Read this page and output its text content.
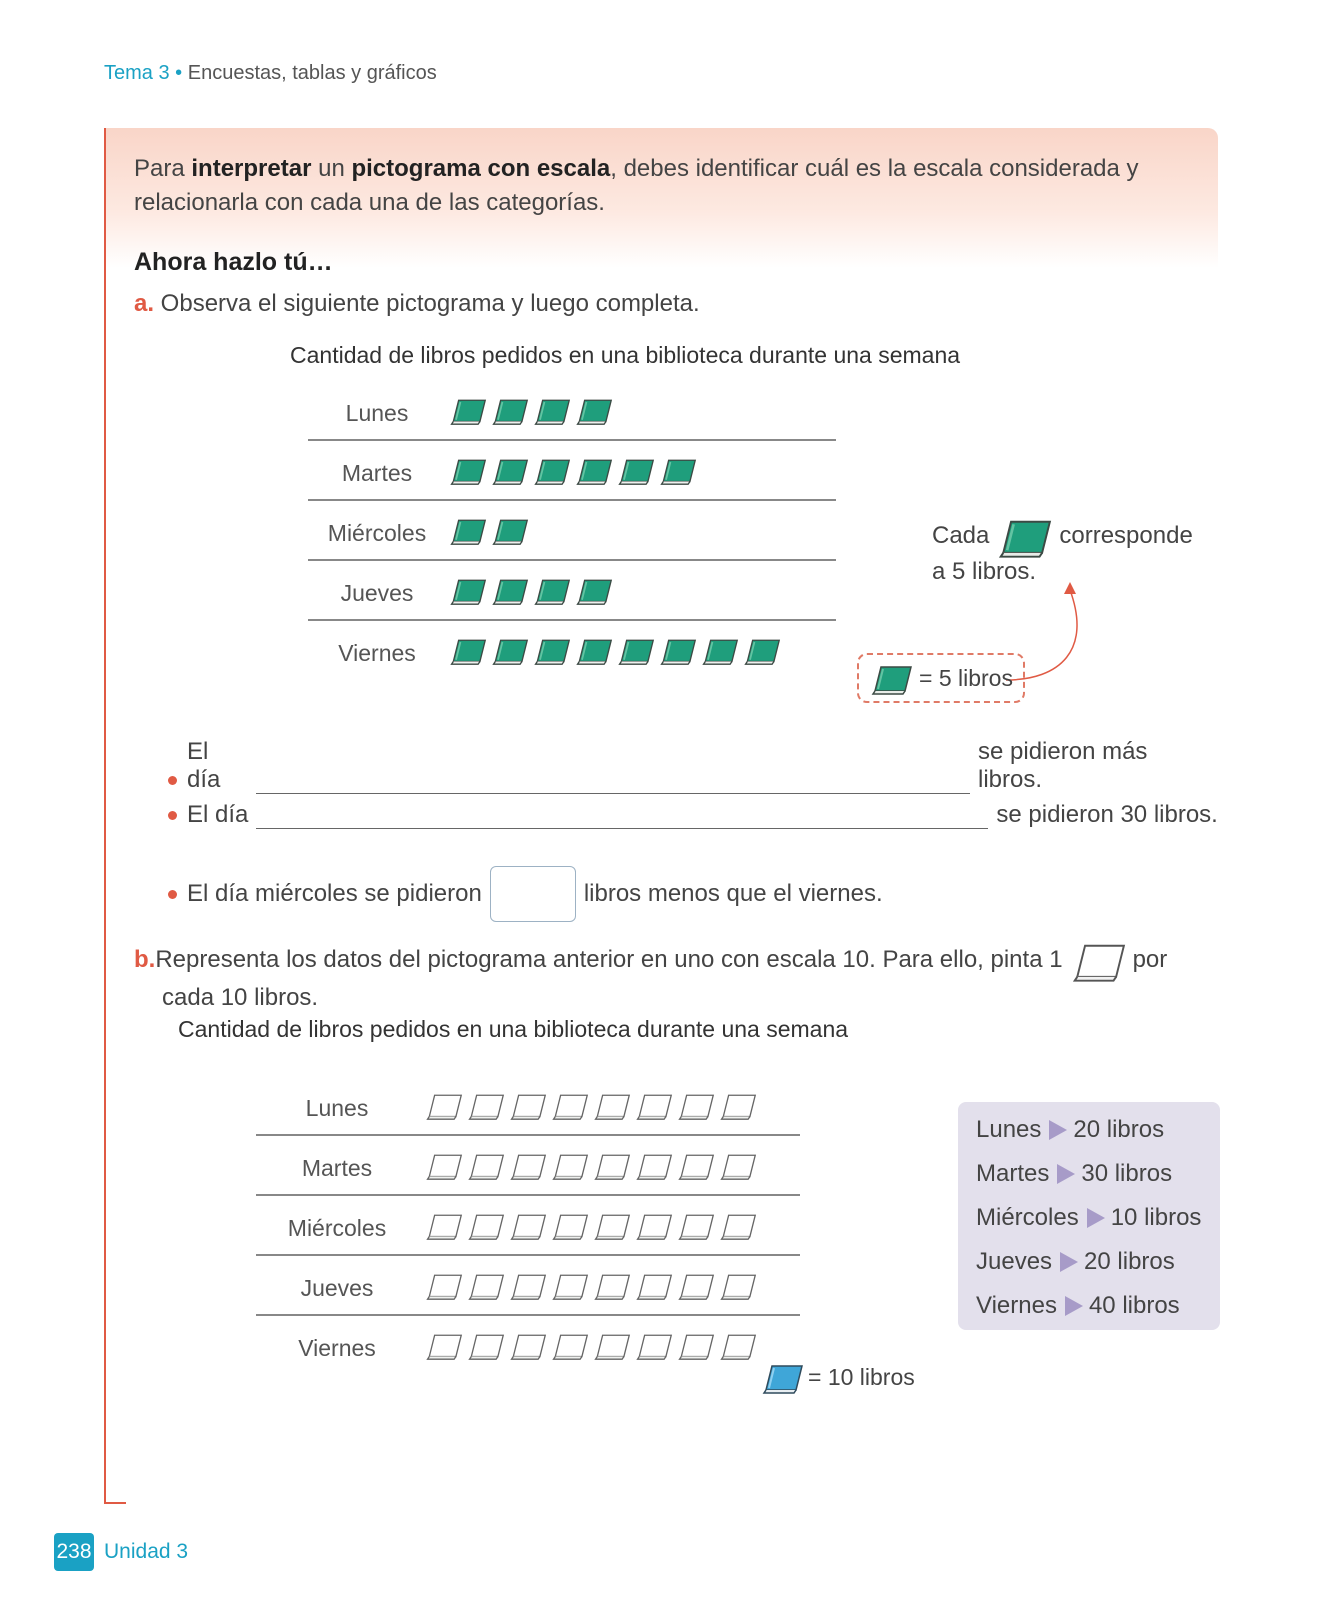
Tema 3 • Encuestas, tablas y gráficos
Para interpretar un pictograma con escala, debes identificar cuál es la escala considerada y relacionarla con cada una de las categorías.
Ahora hazlo tú…
a. Observa el siguiente pictograma y luego completa.
Cantidad de libros pedidos en una biblioteca durante una semana
Lunes
Martes
Miércoles
Jueves
Viernes
Cada	corresponde
a 5 libros.
= 5 libros
El día
se pidieron más libros.
El día	se pidieron 30 libros.
El día miércoles se pidieron	libros menos que el viernes.
b. Representa los datos del pictograma anterior en uno con escala 10. Para ello, pinta 1	por
cada 10 libros.
Cantidad de libros pedidos en una biblioteca durante una semana
Lunes
Martes
Miércoles
Jueves
Viernes
= 10 libros
Lunes 20 libros
Martes 30 libros
Miércoles 10 libros
Jueves 20 libros
Viernes 40 libros
238 Unidad 3
